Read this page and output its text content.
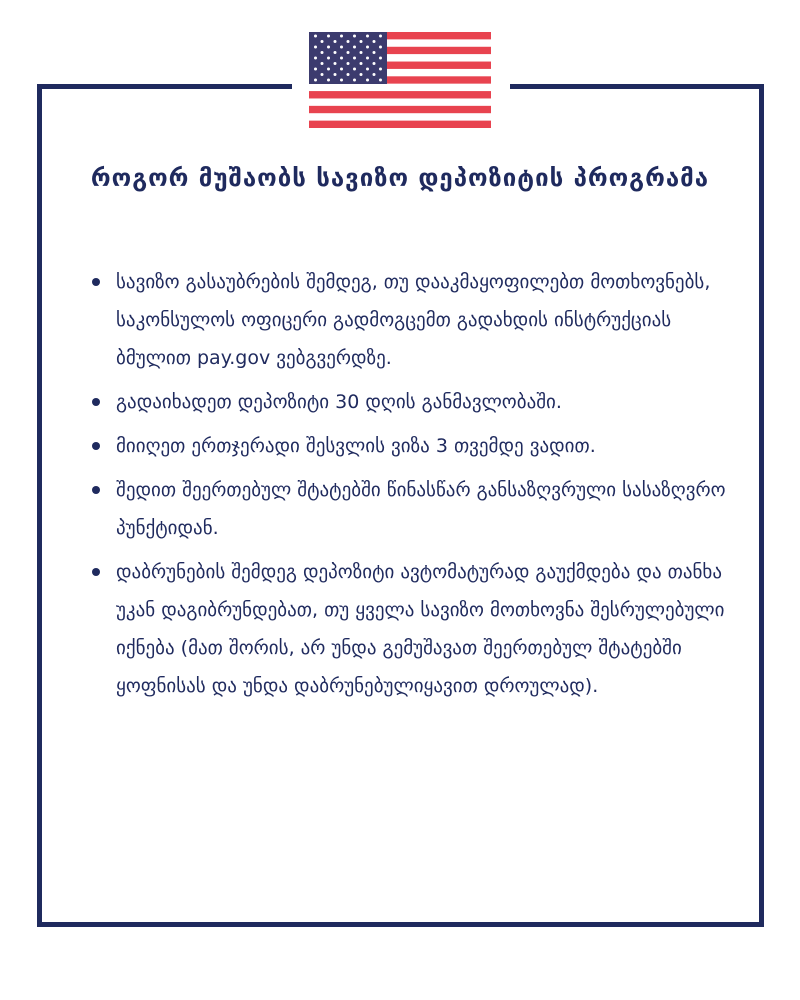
როგორ მუშაობს სავიზო დეპოზიტის პროგრამა
სავიზო გასაუბრების შემდეგ, თუ დააკმაყოფილებთ მოთხოვნებს, საკონსულოს ოფიცერი გადმოგცემთ გადახდის ინსტრუქციას ბმულით pay.gov ვებგვერდზე.
გადაიხადეთ დეპოზიტი 30 დღის განმავლობაში.
მიიღეთ ერთჯერადი შესვლის ვიზა 3 თვემდე ვადით.
შედით შეერთებულ შტატებში წინასწარ განსაზღვრული სასაზღვრო პუნქტიდან.
დაბრუნების შემდეგ დეპოზიტი ავტომატურად გაუქმდება და თანხა უკან დაგიბრუნდებათ, თუ ყველა სავიზო მოთხოვნა შესრულებული იქნება (მათ შორის, არ უნდა გემუშავათ შეერთებულ შტატებში ყოფნისას და უნდა დაბრუნებულიყავით დროულად).
